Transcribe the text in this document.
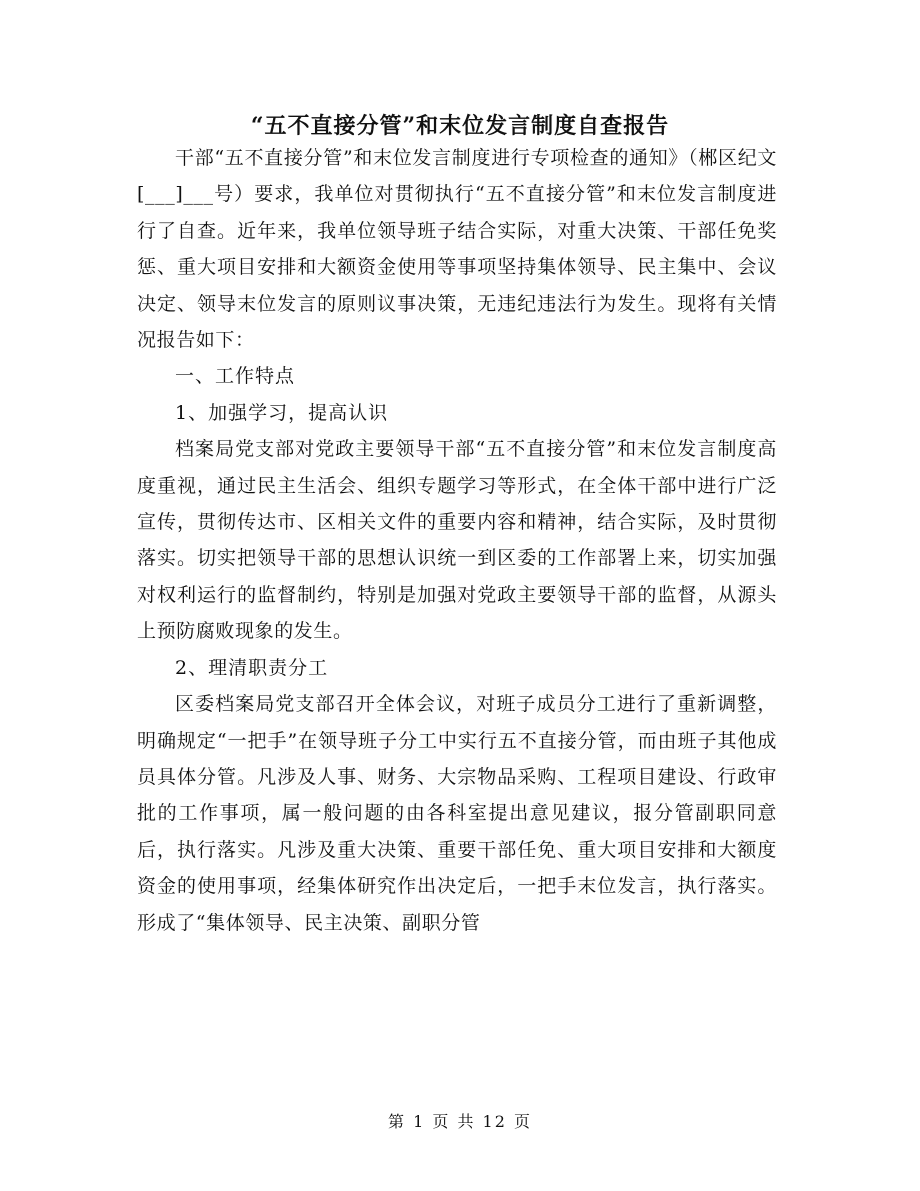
“五不直接分管”和末位发言制度自查报告

干部“五不直接分管”和末位发言制度进行专项检查的通知》（郴区纪文[___]___号）要求，我单位对贯彻执行“五不直接分管”和末位发言制度进行了自查。近年来，我单位领导班子结合实际，对重大决策、干部任免奖惩、重大项目安排和大额资金使用等事项坚持集体领导、民主集中、会议决定、领导末位发言的原则议事决策，无违纪违法行为发生。现将有关情况报告如下：

一、工作特点

1、加强学习，提高认识

档案局党支部对党政主要领导干部“五不直接分管”和末位发言制度高度重视，通过民主生活会、组织专题学习等形式，在全体干部中进行广泛宣传，贯彻传达市、区相关文件的重要内容和精神，结合实际，及时贯彻落实。切实把领导干部的思想认识统一到区委的工作部署上来，切实加强对权利运行的监督制约，特别是加强对党政主要领导干部的监督，从源头上预防腐败现象的发生。

2、理清职责分工

区委档案局党支部召开全体会议，对班子成员分工进行了重新调整，明确规定“一把手”在领导班子分工中实行五不直接分管，而由班子其他成员具体分管。凡涉及人事、财务、大宗物品采购、工程项目建设、行政审批的工作事项，属一般问题的由各科室提出意见建议，报分管副职同意后，执行落实。凡涉及重大决策、重要干部任免、重大项目安排和大额度资金的使用事项，经集体研究作出决定后，一把手末位发言，执行落实。形成了“集体领导、民主决策、副职分管

第 1 页 共 12 页
